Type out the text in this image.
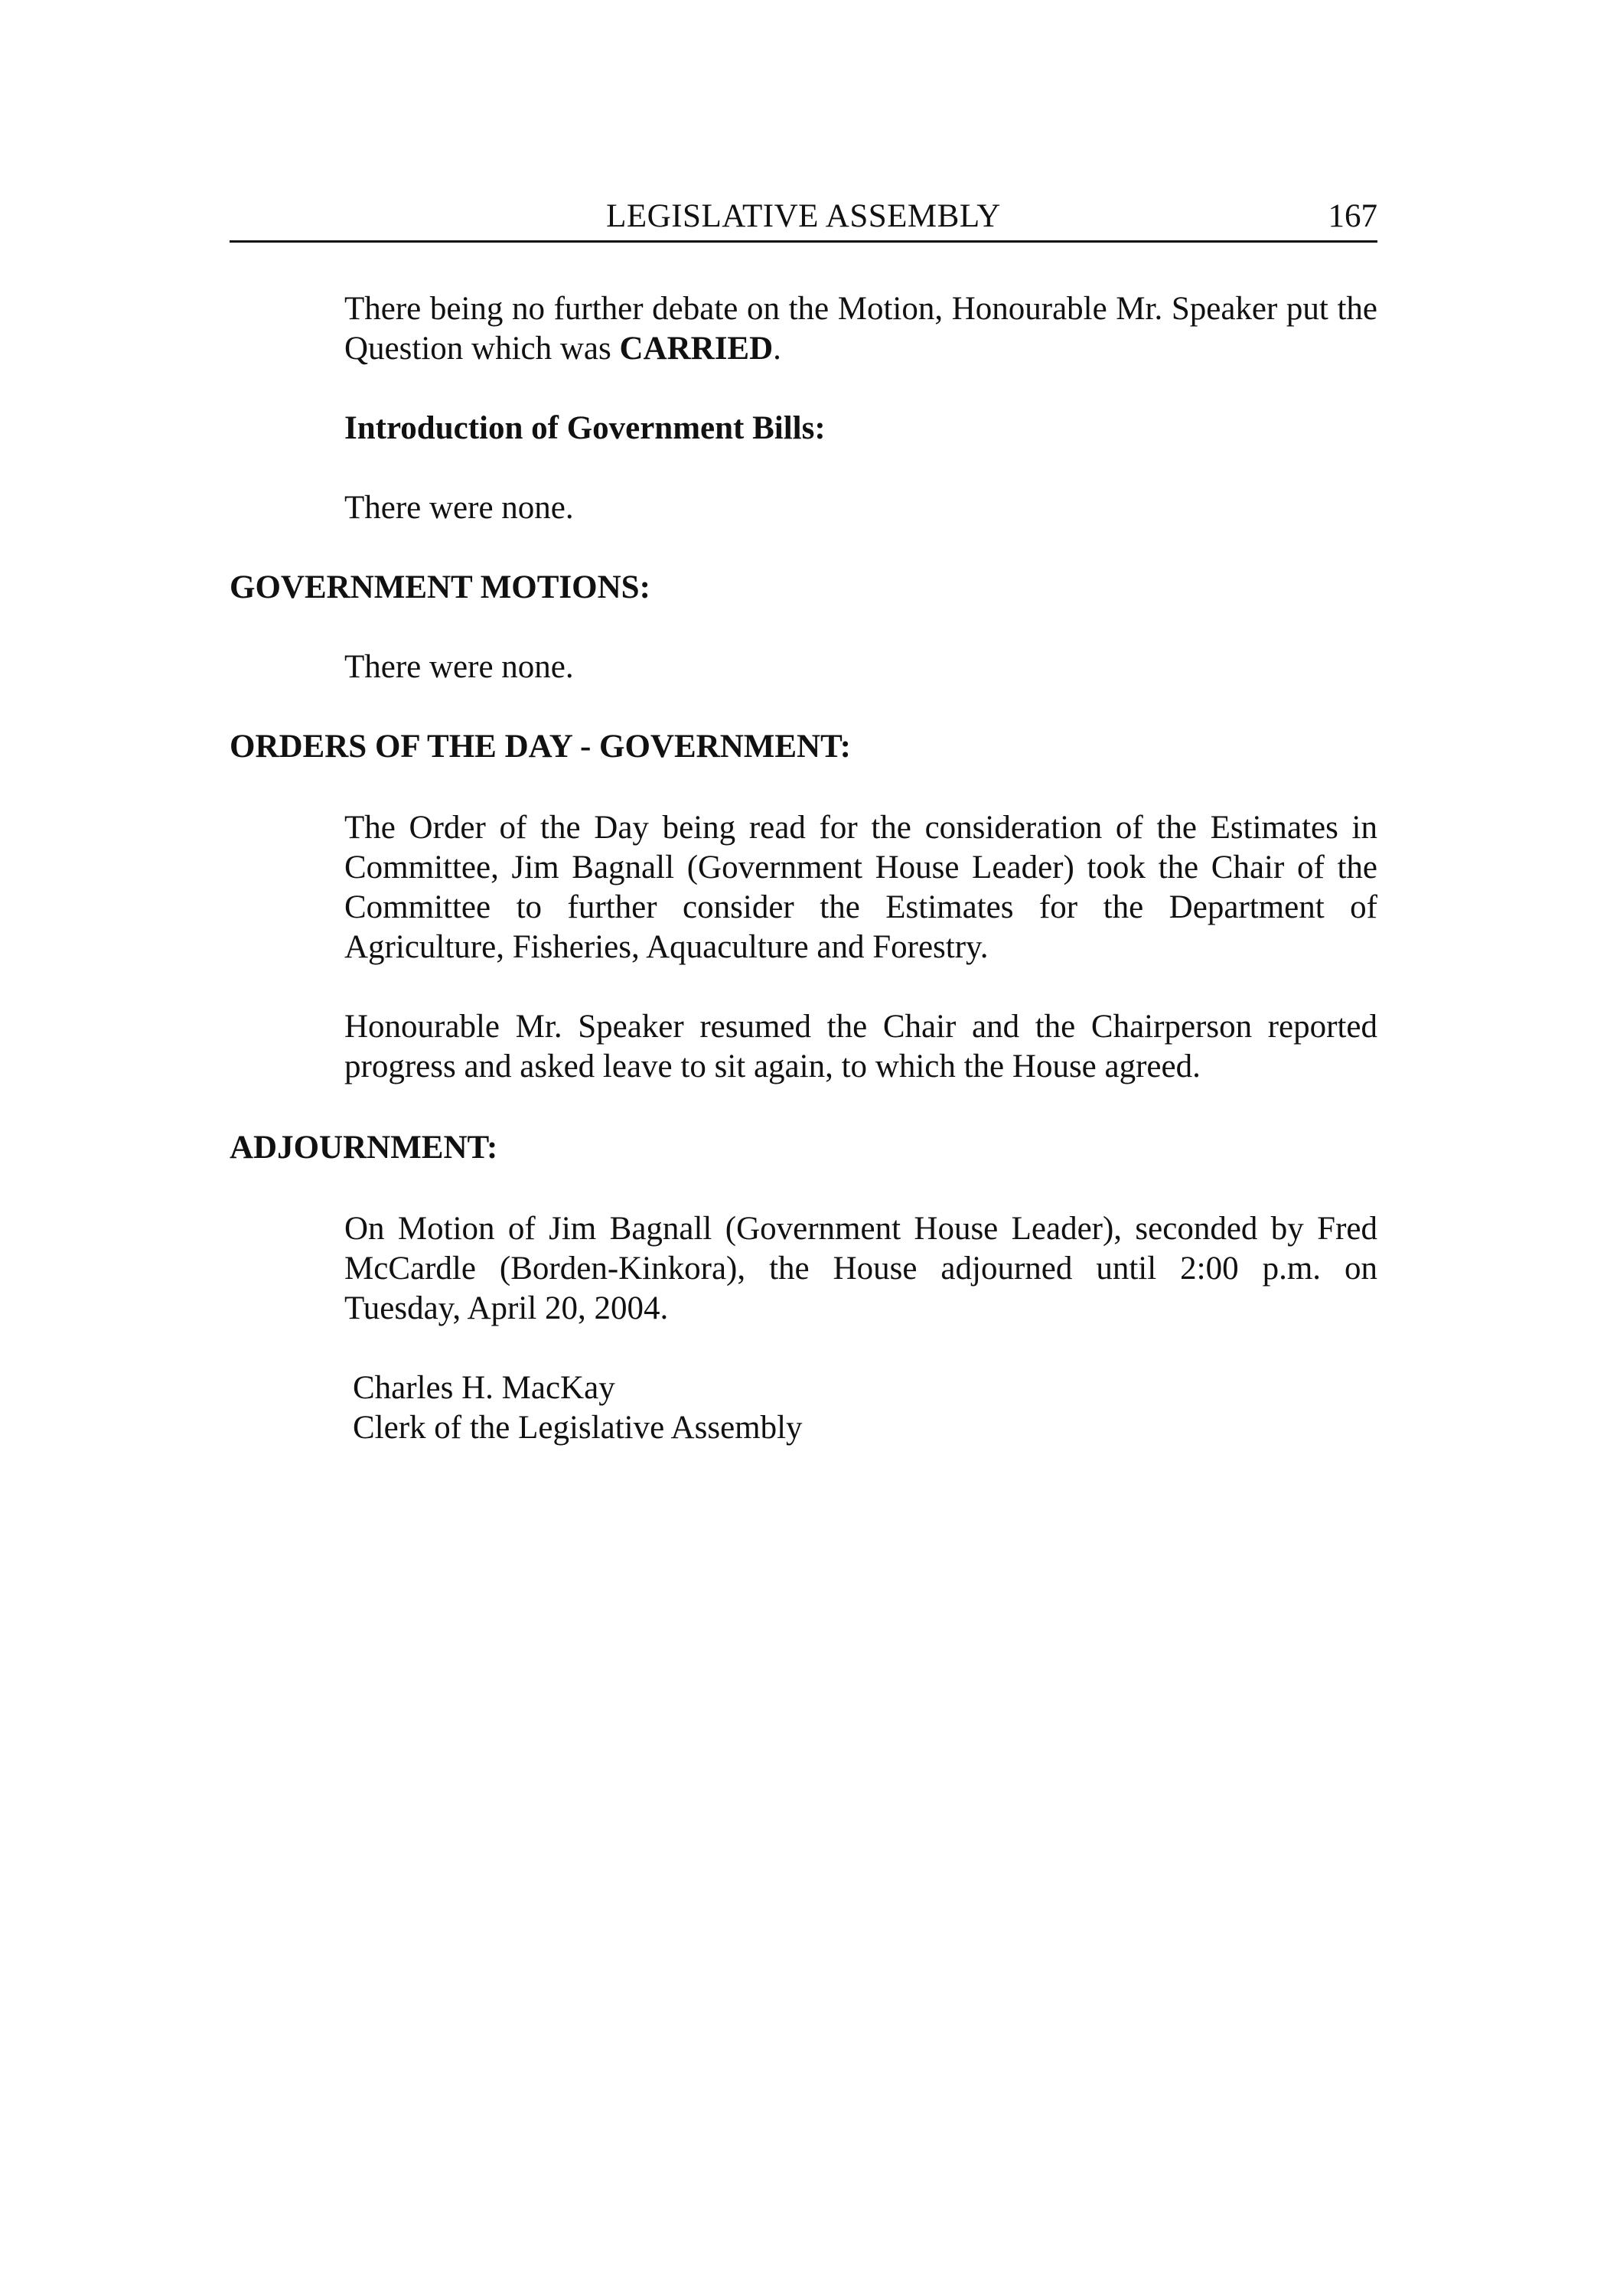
LEGISLATIVE ASSEMBLY	167

There being no further debate on the Motion, Honourable Mr. Speaker put the Question which was CARRIED.

Introduction of Government Bills:

There were none.

GOVERNMENT MOTIONS:

There were none.

ORDERS OF THE DAY - GOVERNMENT:

The Order of the Day being read for the consideration of the Estimates in Committee, Jim Bagnall (Government House Leader) took the Chair of the Committee to further consider the Estimates for the Department of Agriculture, Fisheries, Aquaculture and Forestry.

Honourable Mr. Speaker resumed the Chair and the Chairperson reported progress and asked leave to sit again, to which the House agreed.

ADJOURNMENT:

On Motion of Jim Bagnall (Government House Leader), seconded by Fred McCardle (Borden-Kinkora), the House adjourned until 2:00 p.m. on Tuesday, April 20, 2004.

Charles H. MacKay

Clerk of the Legislative Assembly
